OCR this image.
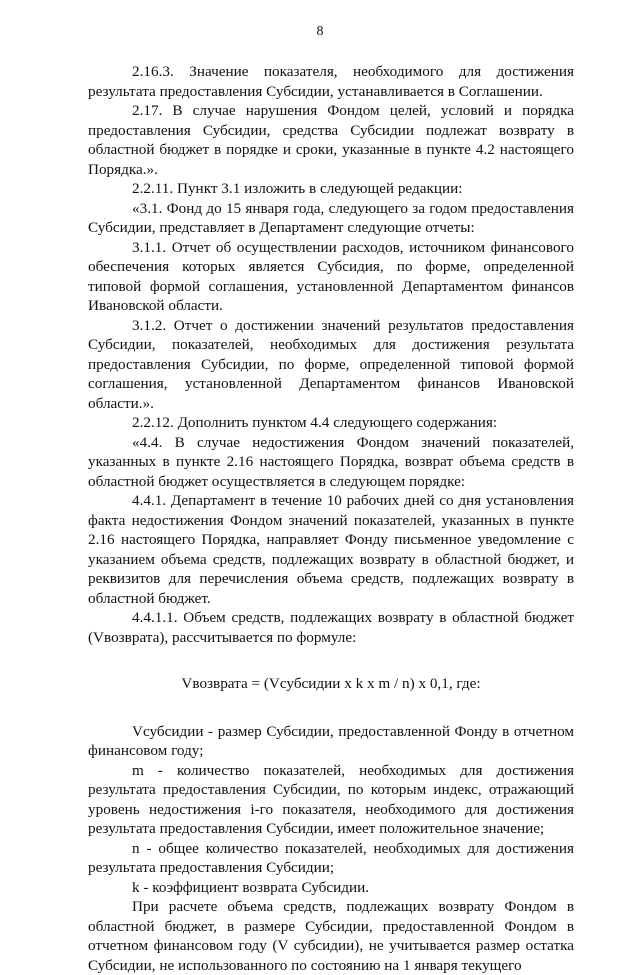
8

2.16.3. Значение показателя, необходимого для достижения результата предоставления Субсидии, устанавливается в Соглашении.

2.17. В случае нарушения Фондом целей, условий и порядка предоставления Субсидии, средства Субсидии подлежат возврату в областной бюджет в порядке и сроки, указанные в пункте 4.2 настоящего Порядка.».

2.2.11. Пункт 3.1 изложить в следующей редакции:

«3.1. Фонд до 15 января года, следующего за годом предоставления Субсидии, представляет в Департамент следующие отчеты:

3.1.1. Отчет об осуществлении расходов, источником финансового обеспечения которых является Субсидия, по форме, определенной типовой формой соглашения, установленной Департаментом финансов Ивановской области.

3.1.2. Отчет о достижении значений результатов предоставления Субсидии, показателей, необходимых для достижения результата предоставления Субсидии, по форме, определенной типовой формой соглашения, установленной Департаментом финансов Ивановской области.».

2.2.12. Дополнить пунктом 4.4 следующего содержания:

«4.4. В случае недостижения Фондом значений показателей, указанных в пункте 2.16 настоящего Порядка, возврат объема средств в областной бюджет осуществляется в следующем порядке:

4.4.1. Департамент в течение 10 рабочих дней со дня установления факта недостижения Фондом значений показателей, указанных в пункте 2.16 настоящего Порядка, направляет Фонду письменное уведомление с указанием объема средств, подлежащих возврату в областной бюджет, и реквизитов для перечисления объема средств, подлежащих возврату в областной бюджет.

4.4.1.1. Объем средств, подлежащих возврату в областной бюджет (Vвозврата), рассчитывается по формуле:

Vвозврата = (Vсубсидии x k x m / n) x 0,1, где:

Vсубсидии - размер Субсидии, предоставленной Фонду в отчетном финансовом году;

m - количество показателей, необходимых для достижения результата предоставления Субсидии, по которым индекс, отражающий уровень недостижения i-го показателя, необходимого для достижения результата предоставления Субсидии, имеет положительное значение;

n - общее количество показателей, необходимых для достижения результата предоставления Субсидии;

k - коэффициент возврата Субсидии.

При расчете объема средств, подлежащих возврату Фондом в областной бюджет, в размере Субсидии, предоставленной Фондом в отчетном финансовом году (V субсидии), не учитывается размер остатка Субсидии, не использованного по состоянию на 1 января текущего
